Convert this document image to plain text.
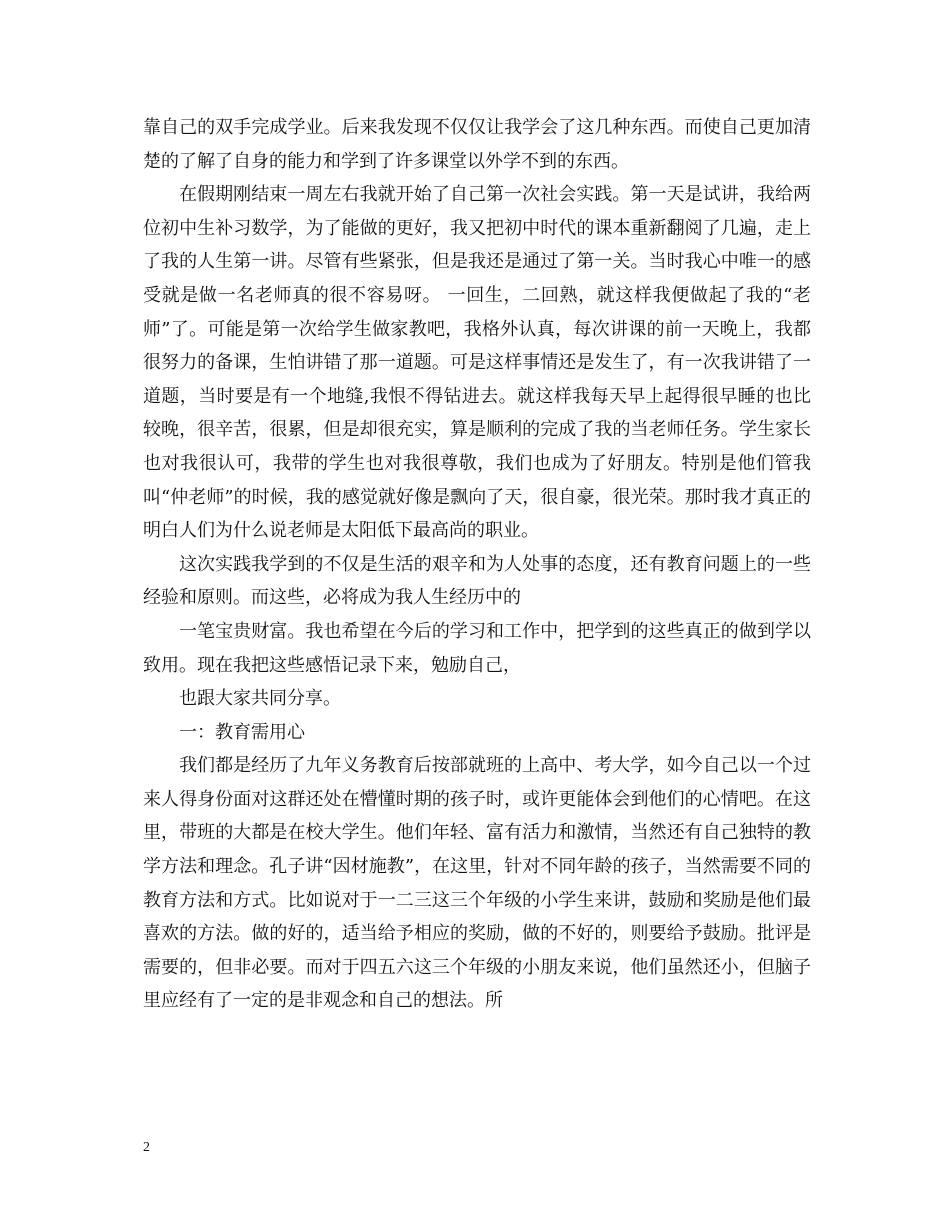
靠自己的双手完成学业。后来我发现不仅仅让我学会了这几种东西。而使自己更加清楚的了解了自身的能力和学到了许多课堂以外学不到的东西。

在假期刚结束一周左右我就开始了自己第一次社会实践。第一天是试讲，我给两位初中生补习数学，为了能做的更好，我又把初中时代的课本重新翻阅了几遍，走上了我的人生第一讲。尽管有些紧张，但是我还是通过了第一关。当时我心中唯一的感受就是做一名老师真的很不容易呀。 一回生，二回熟，就这样我便做起了我的“老师”了。可能是第一次给学生做家教吧，我格外认真，每次讲课的前一天晚上，我都很努力的备课，生怕讲错了那一道题。可是这样事情还是发生了，有一次我讲错了一道题，当时要是有一个地缝,我恨不得钻进去。就这样我每天早上起得很早睡的也比较晚，很辛苦，很累，但是却很充实，算是顺利的完成了我的当老师任务。学生家长也对我很认可，我带的学生也对我很尊敬，我们也成为了好朋友。特别是他们管我叫“仲老师”的时候，我的感觉就好像是飘向了天，很自豪，很光荣。那时我才真正的明白人们为什么说老师是太阳低下最高尚的职业。

这次实践我学到的不仅是生活的艰辛和为人处事的态度，还有教育问题上的一些经验和原则。而这些，必将成为我人生经历中的

一笔宝贵财富。我也希望在今后的学习和工作中，把学到的这些真正的做到学以致用。现在我把这些感悟记录下来，勉励自己，

也跟大家共同分享。

一：教育需用心

我们都是经历了九年义务教育后按部就班的上高中、考大学，如今自己以一个过来人得身份面对这群还处在懵懂时期的孩子时，或许更能体会到他们的心情吧。在这里，带班的大都是在校大学生。他们年轻、富有活力和激情，当然还有自己独特的教学方法和理念。孔子讲“因材施教”，在这里，针对不同年龄的孩子，当然需要不同的教育方法和方式。比如说对于一二三这三个年级的小学生来讲，鼓励和奖励是他们最喜欢的方法。做的好的，适当给予相应的奖励，做的不好的，则要给予鼓励。批评是需要的，但非必要。而对于四五六这三个年级的小朋友来说，他们虽然还小，但脑子里应经有了一定的是非观念和自己的想法。所

2
